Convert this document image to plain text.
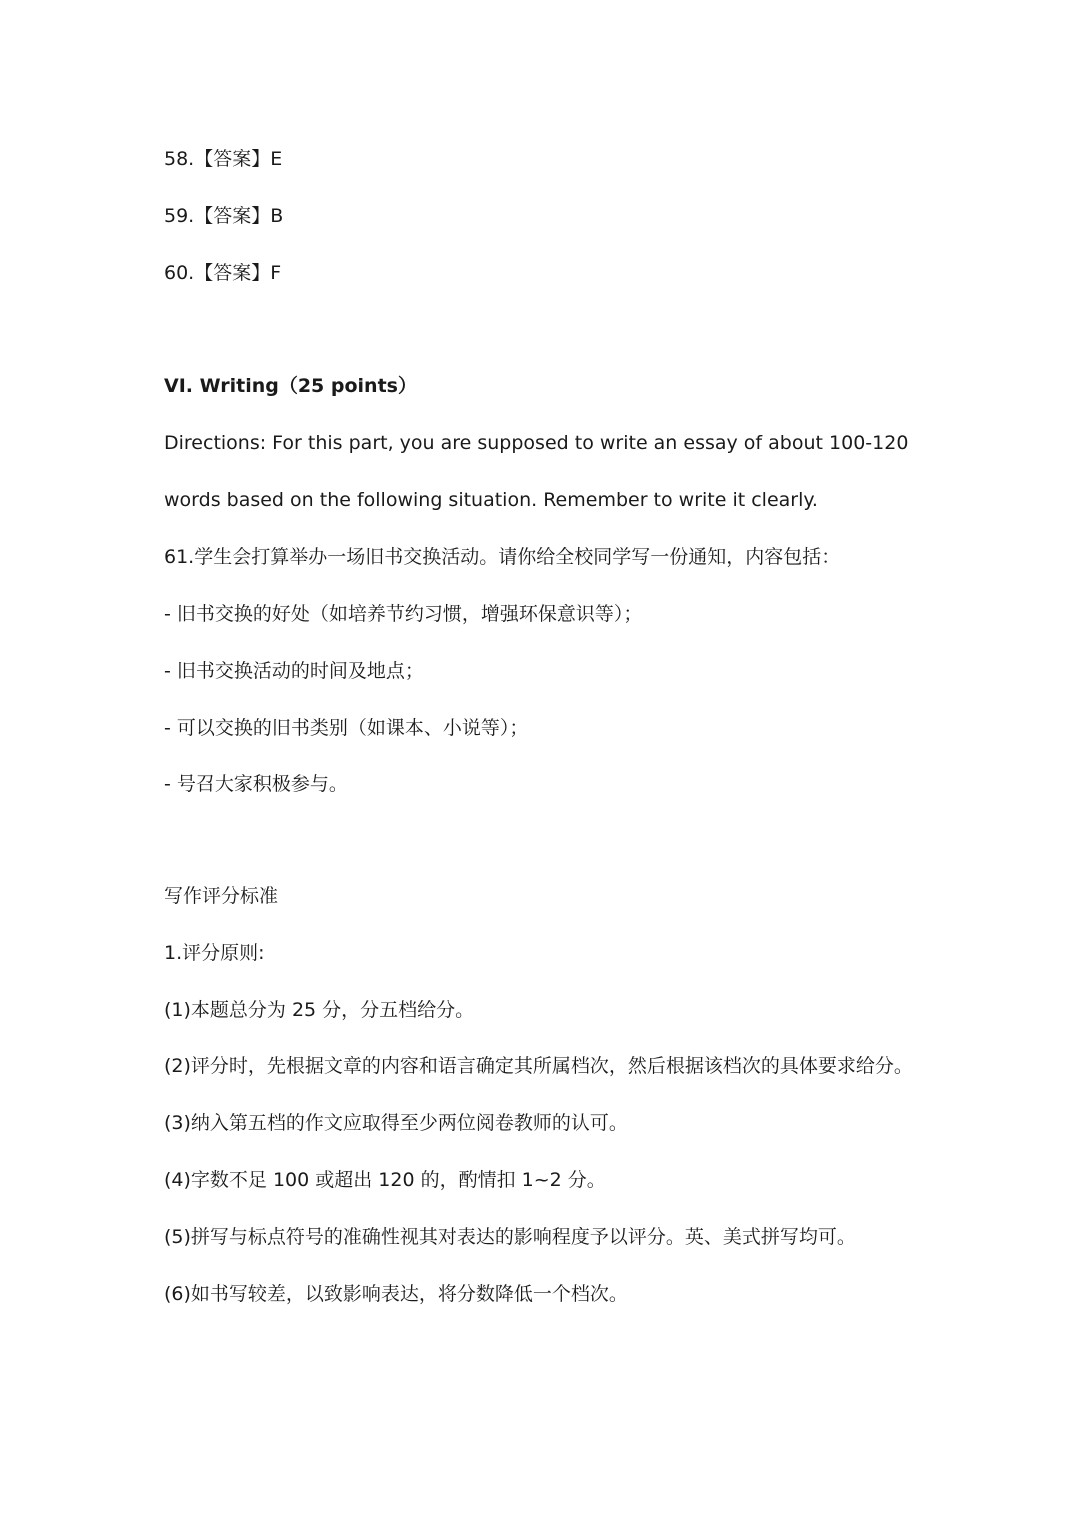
58.【答案】E
59.【答案】B
60.【答案】F
VI. Writing（25 points）
Directions: For this part, you are supposed to write an essay of about 100-120
words based on the following situation. Remember to write it clearly.
61.学生会打算举办一场旧书交换活动。请你给全校同学写一份通知，内容包括：
- 旧书交换的好处（如培养节约习惯，增强环保意识等）；
- 旧书交换活动的时间及地点；
- 可以交换的旧书类别（如课本、小说等）；
- 号召大家积极参与。
写作评分标准
1.评分原则:
(1)本题总分为 25 分，分五档给分。
(2)评分时，先根据文章的内容和语言确定其所属档次，然后根据该档次的具体要求给分。
(3)纳入第五档的作文应取得至少两位阅卷教师的认可。
(4)字数不足 100 或超出 120 的，酌情扣 1~2 分。
(5)拼写与标点符号的准确性视其对表达的影响程度予以评分。英、美式拼写均可。
(6)如书写较差，以致影响表达，将分数降低一个档次。
